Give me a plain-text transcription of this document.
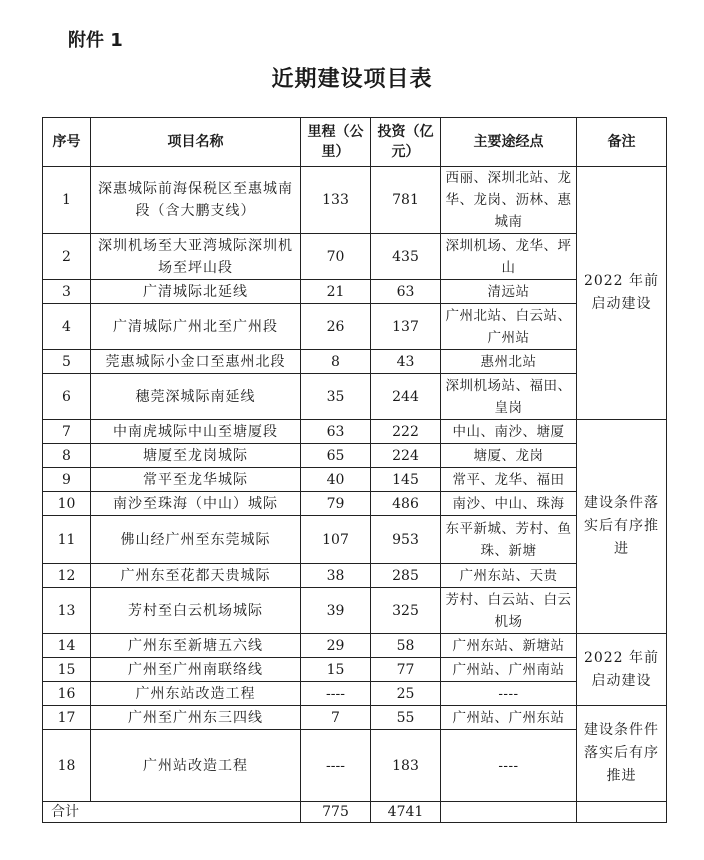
附件 1
近期建设项目表
序号	项目名称	里程（公里）	投资（亿元）	主要途经点	备注
1	深惠城际前海保税区至惠城南段（含大鹏支线）	133	781	西丽、深圳北站、龙华、龙岗、沥林、惠城南	2022 年前启动建设
2	深圳机场至大亚湾城际深圳机场至坪山段	70	435	深圳机场、龙华、坪山	
3	广清城际北延线	21	63	清远站	
4	广清城际广州北至广州段	26	137	广州北站、白云站、广州站	
5	莞惠城际小金口至惠州北段	8	43	惠州北站	
6	穗莞深城际南延线	35	244	深圳机场站、福田、皇岗	
7	中南虎城际中山至塘厦段	63	222	中山、南沙、塘厦	建设条件落实后有序推进
8	塘厦至龙岗城际	65	224	塘厦、龙岗	
9	常平至龙华城际	40	145	常平、龙华、福田	
10	南沙至珠海（中山）城际	79	486	南沙、中山、珠海	
11	佛山经广州至东莞城际	107	953	东平新城、芳村、鱼珠、新塘	
12	广州东至花都天贵城际	38	285	广州东站、天贵	
13	芳村至白云机场城际	39	325	芳村、白云站、白云机场	
14	广州东至新塘五六线	29	58	广州东站、新塘站	2022 年前启动建设
15	广州至广州南联络线	15	77	广州站、广州南站	
16	广州东站改造工程	----	25	----	
17	广州至广州东三四线	7	55	广州站、广州东站	建设条件件落实后有序推进
18	广州站改造工程	----	183	----	
合计		775	4741		
